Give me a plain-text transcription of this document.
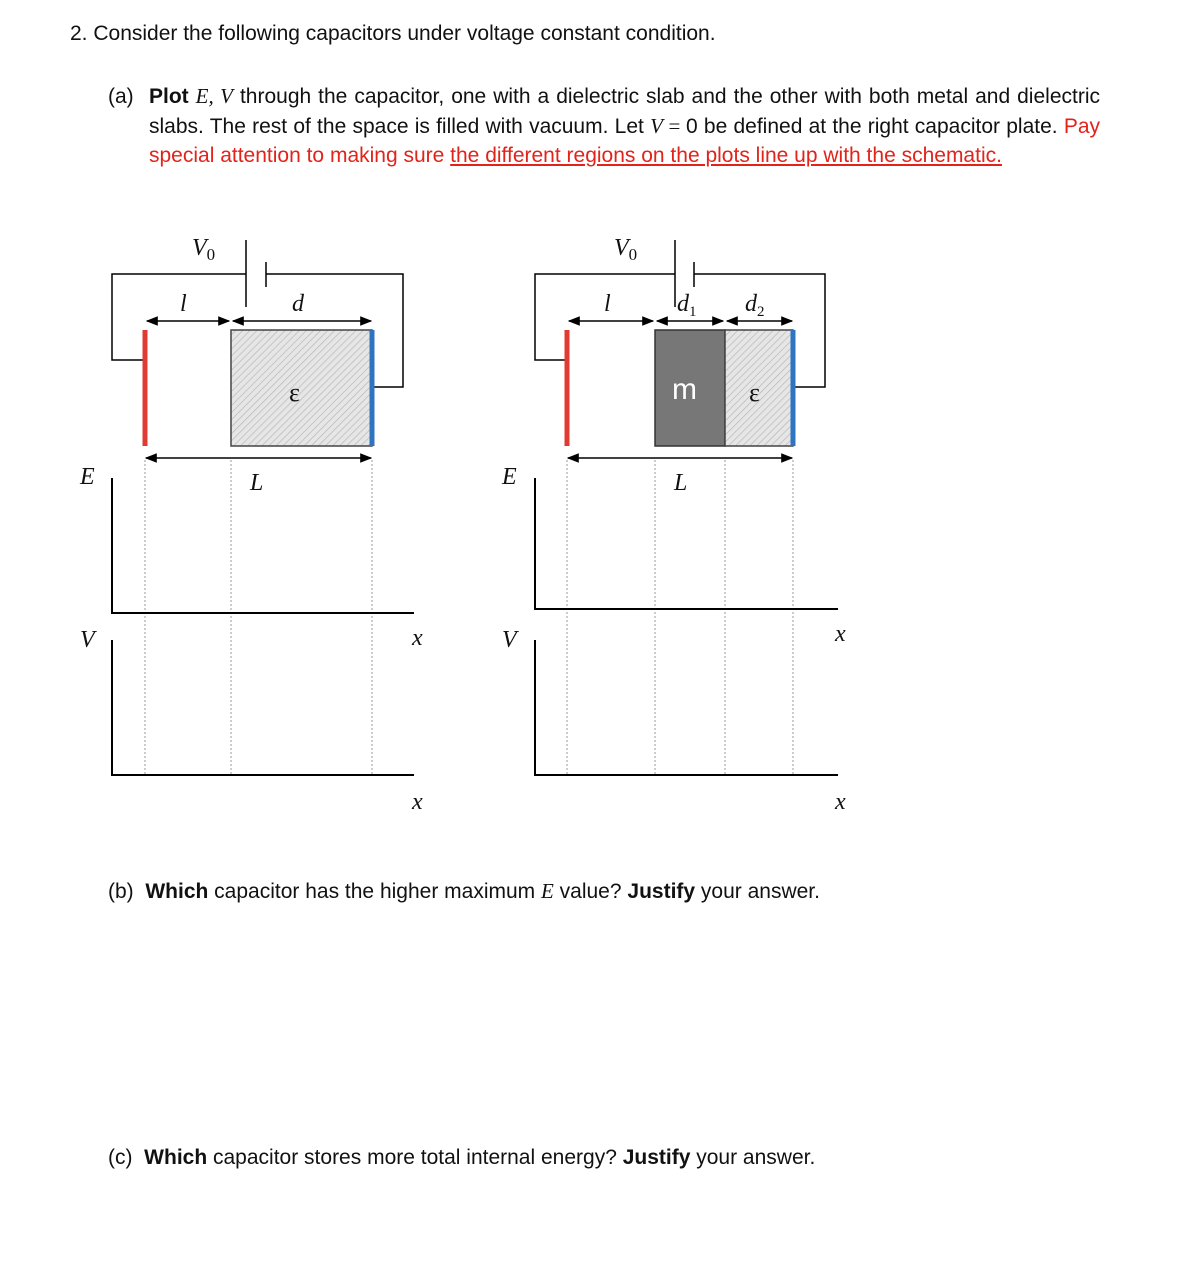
2. Consider the following capacitors under voltage constant condition.
(a) Plot E, V through the capacitor, one with a dielectric slab and the other with both metal and dielectric slabs. The rest of the space is filled with vacuum. Let V = 0 be defined at the right capacitor plate. Pay special attention to making sure the different regions on the plots line up with the schematic.
$V_0$
l	d
ε
L
E
V	x
x
$V_0$
l	$d_1$ $d_2$
m ε
L
E
V	x
x
(b) Which capacitor has the higher maximum E value? Justify your answer.
(c) Which capacitor stores more total internal energy? Justify your answer.
